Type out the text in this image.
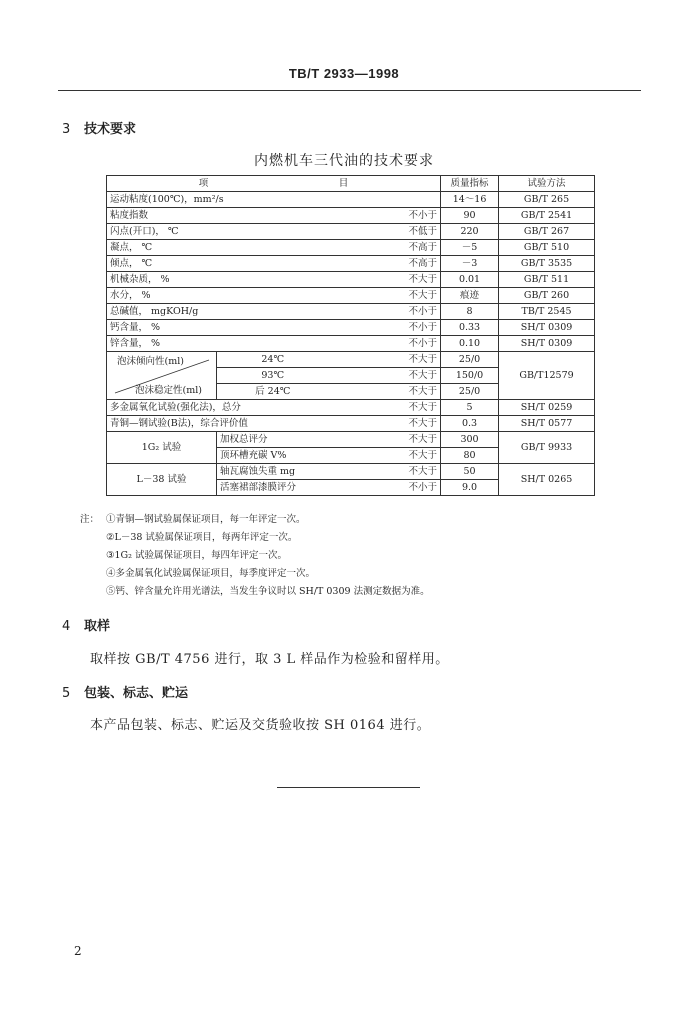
TB/T 2933—1998
3 技术要求
内燃机车三代油的技术要求
项 目			质量指标	试验方法
运动粘度(100℃)，mm²/s			14～16	GB/T 265
粘度指数		不小于	90	GB/T 2541
闪点(开口)， ℃		不低于	220	GB/T 267
凝点， ℃		不高于	－5	GB/T 510
倾点， ℃		不高于	－3	GB/T 3535
机械杂质， %		不大于	0.01	GB/T 511
水分， %		不大于	痕迹	GB/T 260
总碱值， mgKOH/g		不小于	8	TB/T 2545
钙含量， %		不小于	0.33	SH/T 0309
锌含量， %		不小于	0.10	SH/T 0309

泡沫倾向性(ml)
泡沫稳定性(ml)	24℃	不大于	25/0	GB/T12579
	93℃	不大于	150/0	
	后 24℃	不大于	25/0	
多金属氧化试验(强化法)，总分		不大于	5	SH/T 0259
青铜—钢试验(B法)，综合评价值		不大于	0.3	SH/T 0577
1G₂ 试验	加权总评分	不大于	300	GB/T 9933
	顶环槽充碳 V%	不大于	80	
L－38 试验	轴瓦腐蚀失重 mg	不大于	50	SH/T 0265
	活塞裙部漆膜评分	不小于	9.0	
注： ①青铜—钢试验属保证项目，每一年评定一次。
②L－38 试验属保证项目，每两年评定一次。
③1G₂ 试验属保证项目，每四年评定一次。
④多金属氧化试验属保证项目，每季度评定一次。
⑤钙、锌含量允许用光谱法，当发生争议时以 SH/T 0309 法测定数据为准。
4 取样
取样按 GB/T 4756 进行，取 3 L 样品作为检验和留样用。
5 包装、标志、贮运
本产品包装、标志、贮运及交货验收按 SH 0164 进行。
2
